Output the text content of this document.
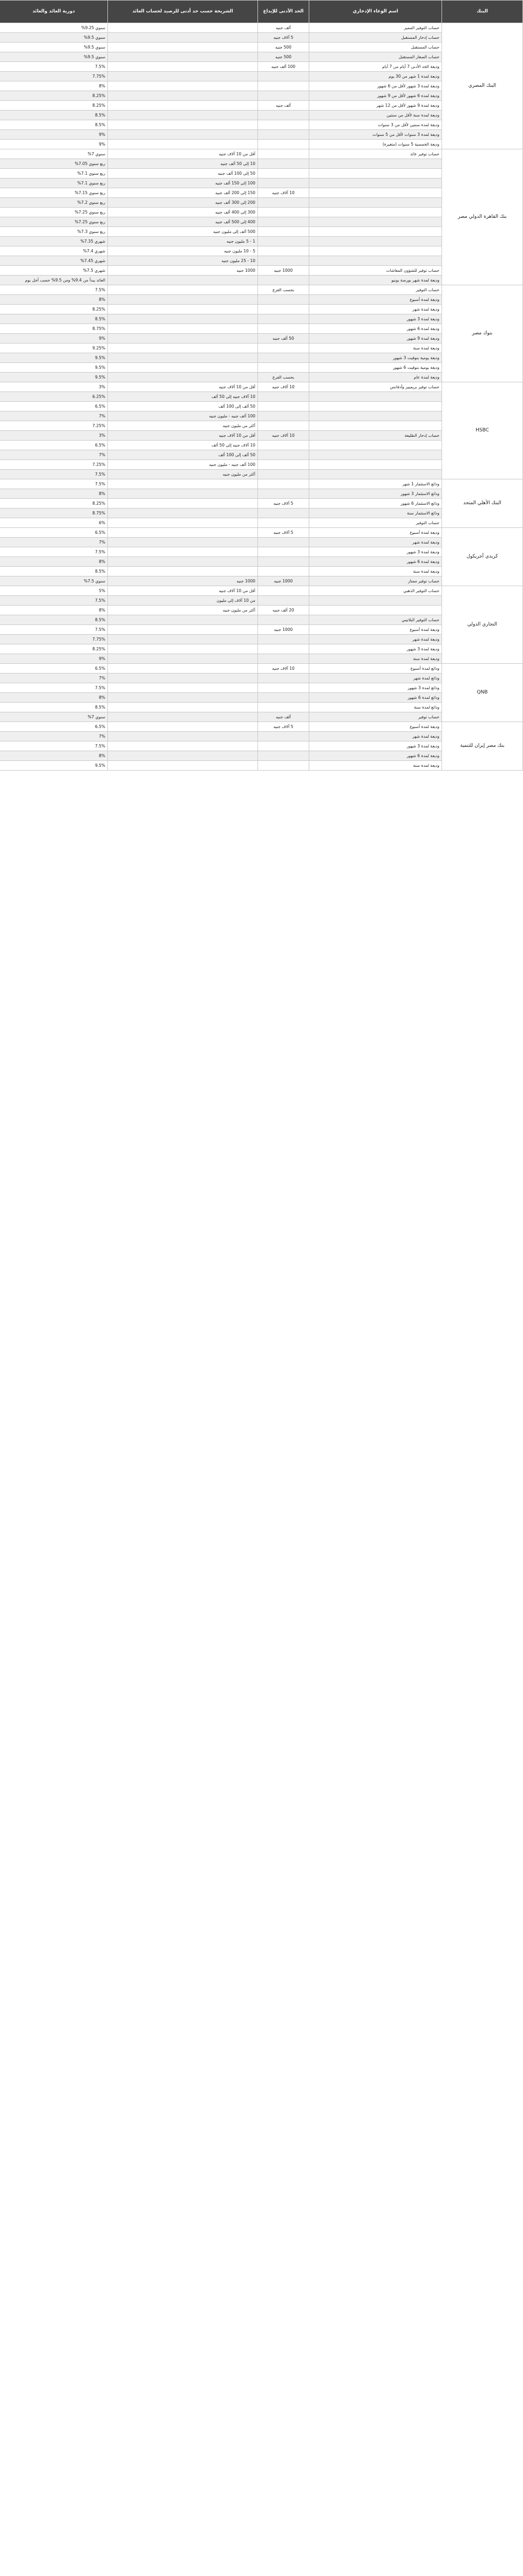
البنك	اسم الوعاء الإدخاري	الحد الأدنى للإيداع	الشريحة حسب حد أدنى للرصيد لحساب العائد	دورية العائد والعائد
البنك المصري	حساب التوفير المميز	ألف جنيه		سنوي 9.25%
	حساب إدخار المستقبل	5 آلاف جنيه		سنوي 9.5%
	حساب المستقبل	500 جنيه		سنوي 9.5%
	حساب الصغار المستقبل	500 جنيه		سنوي 9.5%
	وديعة الحد الأدنى 7 أيام من 7 أيام	100 ألف جنيه		7.5%
	وديعة لمدة 1 شهر من 30 يوم			7.75%
	وديعة لمدة 3 شهور لأقل من 6 شهور			8%
	وديعة لمدة 6 شهور لأقل من 9 شهور			8.25%
	وديعة لمدة 9 شهور لأقل من 12 شهر	ألف جنيه		8.25%
	وديعة لمدة سنة لأقل من سنتين			8.5%
	وديعة لمدة سنتين لأقل من 3 سنوات			8.5%
	وديعة لمدة 3 سنوات لأقل من 5 سنوات			9%
	وديعة الخمسية 5 سنوات (متغيرة)			9%
بنك القاهرة الدولي مصر	حساب توفير عائد		أقل من 10 آلاف جنيه	سنوي 7%
			10 إلى 50 ألف جنيه	ربع سنوي 7.05%
			50 إلى 100 ألف جنيه	ربع سنوي 7.1%
			100 إلى 150 ألف جنيه	ربع سنوي 7.1%
		10 آلاف جنيه	150 إلى 200 ألف جنيه	ربع سنوي 7.15%
			200 إلى 300 ألف جنيه	ربع سنوي 7.2%
			300 إلى 400 ألف جنيه	ربع سنوي 7.25%
			400 إلى 500 ألف جنيه	ربع سنوي 7.25%
			500 ألف إلى مليون جنيه	ربع سنوي 7.3%
			1 - 5 مليون جنيه	شهري 7.35%
			5 - 10 مليون جنيه	شهري 7.4%
			10 - 25 مليون جنيه	شهري 7.45%
	حساب توفير للشؤون المعاشات	1000 جنيه	1000 جنيه	شهري 7.5%
	وديعة لمدة شهر بورصة يونيو			العائد يبدأ من 9.4% ومن 9.5% حسب أجل يوم
بنوك مصر	حساب التوفير	بحسب الفرع		7.5%
	وديعة لمدة أسبوع			8%
	وديعة لمدة شهر			8.25%
	وديعة لمدة 3 شهور			8.5%
	وديعة لمدة 6 شهور			8.75%
	وديعة لمدة 9 شهور	50 ألف جنيه		9%
	وديعة لمدة سنة			9.25%
	وديعة يومية بتوقيت 3 شهور			9.5%
	وديعة يومية بتوقيت 6 شهور			9.5%
	وديعة لمدة عام	بحسب الفرع		9.5%
HSBC	حساب توفير بريميير وأدفانس	10 آلاف جنيه	أقل من 10 آلاف جنيه	3%
			10 آلاف جنيه إلى 50 ألف	6.25%
			50 ألف إلى 100 ألف	6.5%
			100 ألف جنيه - مليون جنيه	7%
			أكثر من مليون جنيه	7.25%
	حساب إدخار الطليعة	10 آلاف جنيه	أقل من 10 آلاف جنيه	3%
			10 آلاف جنيه إلى 50 ألف	6.5%
			50 ألف إلى 100 ألف	7%
			100 ألف جنيه - مليون جنيه	7.25%
			أكثر من مليون جنيه	7.5%
البنك الأهلي المتحد	ودائع الاستثمار 1 شهر			7.5%
	ودائع الاستثمار 3 شهور			8%
	ودائع الاستثمار 6 شهور	5 آلاف جنيه		8.25%
	ودائع الاستثمار سنة			8.75%
	حساب التوفير			6%
كريدي أجريكول	وديعة لمدة أسبوع	5 آلاف جنيه		6.5%
	وديعة لمدة شهر			7%
	وديعة لمدة 3 شهور			7.5%
	وديعة لمدة 6 شهور			8%
	وديعة لمدة سنة			8.5%
	حساب توفير ممتاز	1000 جنيه	1000 جنيه	سنوي 7.5%
التجاري الدولي	حساب التوفير الذهبي		أقل من 10 آلاف جنيه	5%
			من 10 آلاف إلى مليون	7.5%
		20 ألف جنيه	أكثر من مليون جنيه	8%
	حساب التوفير البلاتيني			8.5%
	وديعة لمدة أسبوع	1000 جنيه		7.5%
	وديعة لمدة شهر			7.75%
	وديعة لمدة 3 شهور			8.25%
	وديعة لمدة سنة			9%
QNB	ودائع لمدة أسبوع	10 آلاف جنيه		6.5%
	ودائع لمدة شهر			7%
	ودائع لمدة 3 شهور			7.5%
	ودائع لمدة 6 شهور			8%
	ودائع لمدة سنة			8.5%
	حساب توفير	ألف جنيه		سنوي 7%
بنك مصر إيران للتنمية	وديعة لمدة أسبوع	5 آلاف جنيه		6.5%
	وديعة لمدة شهر			7%
	وديعة لمدة 3 شهور			7.5%
	وديعة لمدة 6 شهور			8%
	وديعة لمدة سنة			9.5%
